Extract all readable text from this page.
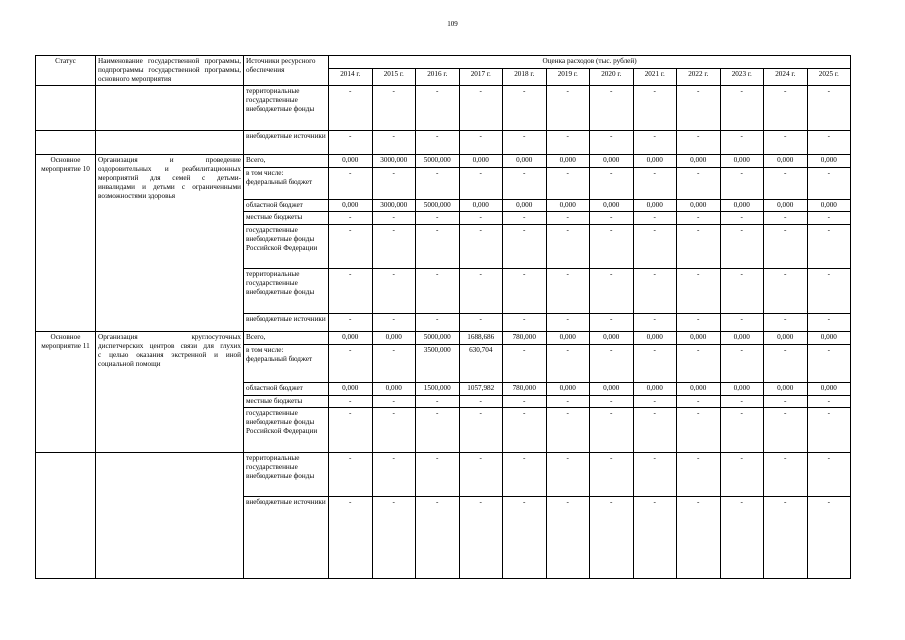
109
Статус	Наименование государственной программы, подпрограммы государственной программы, основного мероприятия	Источники ресурсного обеспечения	Оценка расходов (тыс. рублей)											
			2014 г.	2015 г.	2016 г.	2017 г.	2018 г.	2019 г.	2020 г.	2021 г.	2022 г.	2023 г.	2024 г.	2025 г.
		территориальные государственные внебюджетные фонды	-	-	-	-	-	-	-	-	-	-	-	-
		внебюджетные источники	-	-	-	-	-	-	-	-	-	-	-	-
Основное мероприятие 10	Организация и проведение
оздоровительных и реабилитационных
мероприятий для семей с детьми-
инвалидами и детьми с ограниченными
возможностями здоровья	Всего,	0,000	3000,000	5000,000	0,000	0,000	0,000	0,000	0,000	0,000	0,000	0,000	0,000
		в том числе: федеральный бюджет	-	-	-	-	-	-	-	-	-	-	-	-
		областной бюджет	0,000	3000,000	5000,000	0,000	0,000	0,000	0,000	0,000	0,000	0,000	0,000	0,000
		местные бюджеты	-	-	-	-	-	-	-	-	-	-	-	-
		государственные внебюджетные фонды Российской Федерации	-	-	-	-	-	-	-	-	-	-	-	-
		территориальные государственные внебюджетные фонды	-	-	-	-	-	-	-	-	-	-	-	-
		внебюджетные источники	-	-	-	-	-	-	-	-	-	-	-	-
Основное мероприятие 11	Организация круглосуточных
диспетчерских центров связи для глухих
с целью оказания экстренной и иной
социальной помощи	Всего,	0,000	0,000	5000,000	1688,686	780,000	0,000	0,000	0,000	0,000	0,000	0,000	0,000
		в том числе: федеральный бюджет	-	-	3500,000	630,704	-	-	-	-	-	-	-	-
		областной бюджет	0,000	0,000	1500,000	1057,982	780,000	0,000	0,000	0,000	0,000	0,000	0,000	0,000
		местные бюджеты	-	-	-	-	-	-	-	-	-	-	-	-
		государственные внебюджетные фонды Российской Федерации	-	-	-	-	-	-	-	-	-	-	-	-
		территориальные государственные внебюджетные фонды	-	-	-	-	-	-	-	-	-	-	-	-
		внебюджетные источники	-	-	-	-	-	-	-	-	-	-	-	-
